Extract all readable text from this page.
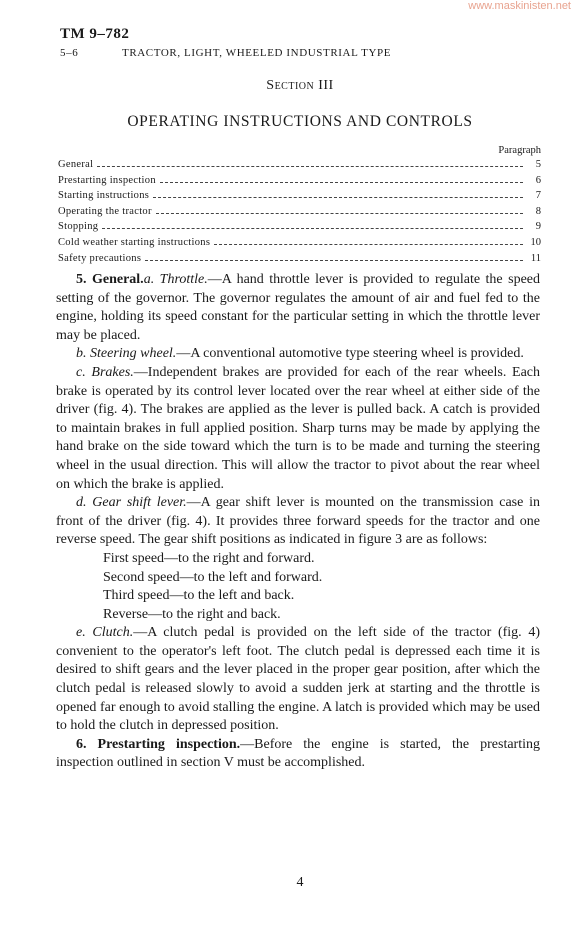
www.maskinisten.net
TM 9–782
5–6	TRACTOR, LIGHT, WHEELED INDUSTRIAL TYPE
Section III
OPERATING INSTRUCTIONS AND CONTROLS
Paragraph
General	5
Prestarting inspection	6
Starting instructions	7
Operating the tractor	8
Stopping	9
Cold weather starting instructions	10
Safety precautions	11

5. General.a. Throttle.—A hand throttle lever is provided to regulate the speed setting of the governor. The governor regulates the amount of air and fuel fed to the engine, holding its speed constant for the particular setting in which the throttle lever may be placed.

b. Steering wheel.—A conventional automotive type steering wheel is provided.

c. Brakes.—Independent brakes are provided for each of the rear wheels. Each brake is operated by its control lever located over the rear wheel at either side of the driver (fig. 4). The brakes are applied as the lever is pulled back. A catch is provided to maintain brakes in full applied position. Sharp turns may be made by applying the hand brake on the side toward which the turn is to be made and turning the steering wheel in the usual direction. This will allow the tractor to pivot about the rear wheel on which the brake is applied.

d. Gear shift lever.—A gear shift lever is mounted on the transmission case in front of the driver (fig. 4). It provides three forward speeds for the tractor and one reverse speed. The gear shift positions as indicated in figure 3 are as follows:

First speed—to the right and forward.
Second speed—to the left and forward.
Third speed—to the left and back.
Reverse—to the right and back.

e. Clutch.—A clutch pedal is provided on the left side of the tractor (fig. 4) convenient to the operator's left foot. The clutch pedal is depressed each time it is desired to shift gears and the lever placed in the proper gear position, after which the clutch pedal is released slowly to avoid a sudden jerk at starting and the throttle is opened far enough to avoid stalling the engine. A latch is provided which may be used to hold the clutch in depressed position.

6. Prestarting inspection.—Before the engine is started, the prestarting inspection outlined in section V must be accomplished.

4
